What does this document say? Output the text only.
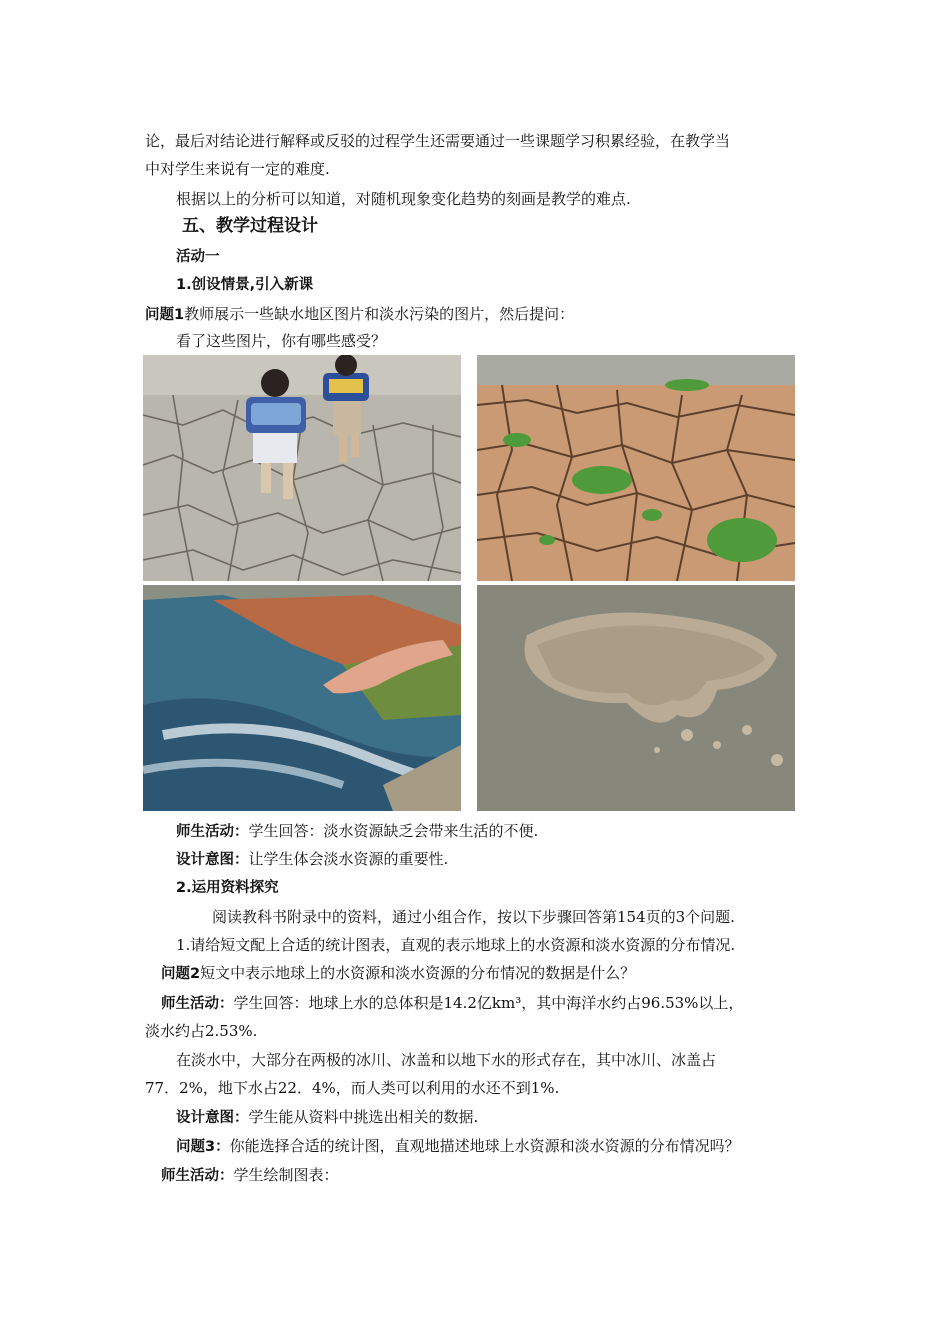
论，最后对结论进行解释或反驳的过程学生还需要通过一些课题学习积累经验，在教学当
中对学生来说有一定的难度.
根据以上的分析可以知道，对随机现象变化趋势的刻画是教学的难点.
五、教学过程设计
活动一
1.创设情景,引入新课
问题1教师展示一些缺水地区图片和淡水污染的图片，然后提问：
看了这些图片，你有哪些感受？
师生活动：学生回答：淡水资源缺乏会带来生活的不便.
设计意图：让学生体会淡水资源的重要性.
2.运用资料探究
阅读教科书附录中的资料，通过小组合作，按以下步骤回答第154页的3个问题.
1.请给短文配上合适的统计图表，直观的表示地球上的水资源和淡水资源的分布情况.
问题2短文中表示地球上的水资源和淡水资源的分布情况的数据是什么？
师生活动：学生回答：地球上水的总体积是14.2亿km³，其中海洋水约占96.53%以上，
淡水约占2.53%.
在淡水中，大部分在两极的冰川、冰盖和以地下水的形式存在，其中冰川、冰盖占
77．2%，地下水占22．4%，而人类可以利用的水还不到1%.
设计意图：学生能从资料中挑选出相关的数据.
问题3：你能选择合适的统计图，直观地描述地球上水资源和淡水资源的分布情况吗？
师生活动：学生绘制图表：
